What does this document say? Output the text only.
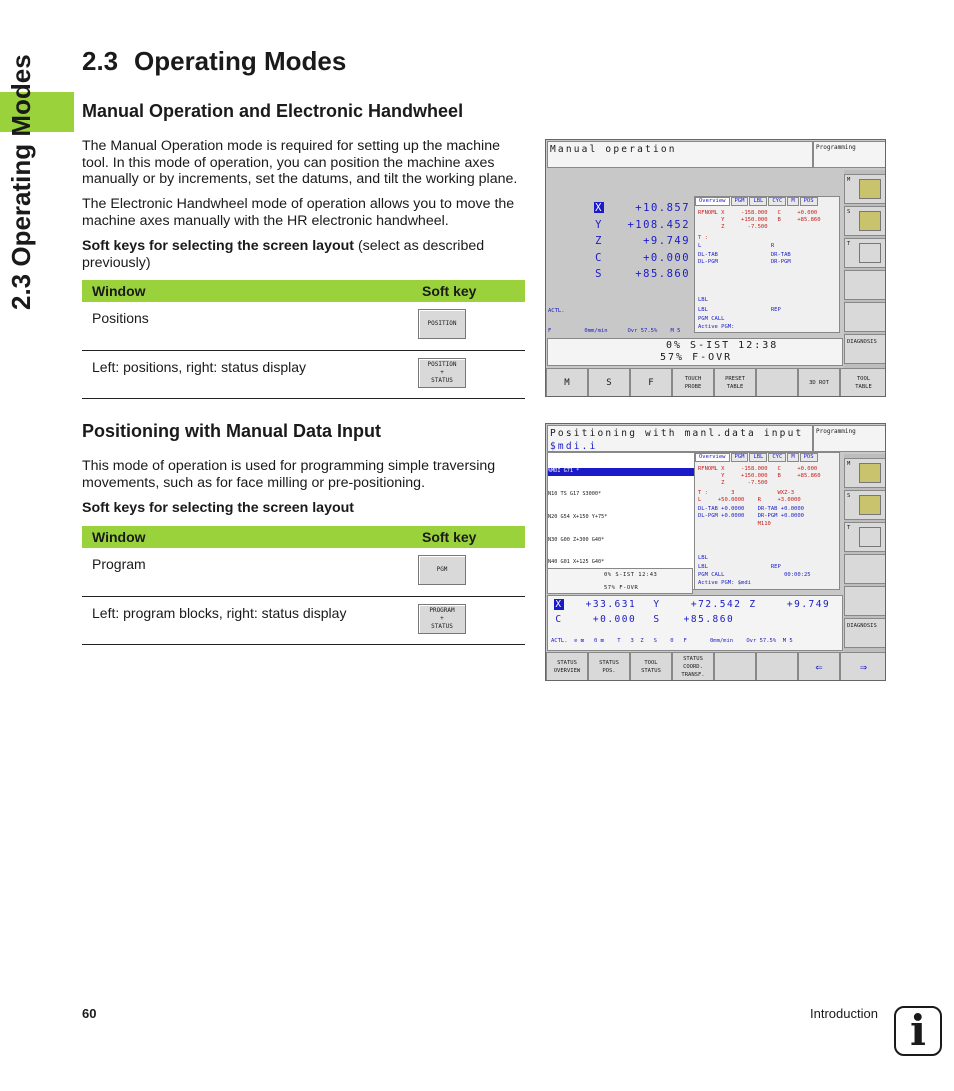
2.3 Operating Modes 2.3 Operating Modes
Manual Operation and Electronic Handwheel

The Manual Operation mode is required for setting up the machine tool. In this mode of operation, you can position the machine axes manually or by increments, set the datums, and tilt the working plane.

The Electronic Handwheel mode of operation allows you to move the machine axes manually with the HR electronic handwheel.

Soft keys for selecting the screen layout (select as described previously)

Window	Soft key
Positions	POSITION

Left: positions, right: status display	POSITION
+
STATUS
Positioning with Manual Data Input

This mode of operation is used for programming simple traversing movements, such as for face milling or pre-positioning.

Soft keys for selecting the screen layout

Window	Soft key
Program	PGM

Left: program blocks, right: status display	PROGRAM
+
STATUS
Manual operation	Programming
X	+10.857
Y +108.452
Z	+9.749
C	+0.000
S	+85.860
Overview PGM LBL CYC M POS
RFNOML X     -158.000   C     +0.000
Y     +150.000   B     +85.860
Z       -7.500
T :
L                     R
DL-TAB                DR-TAB
DL-PGM                DR-PGM
LBL
LBL                   REP
PGM CALL
Active PGM:
ACTL.
F          0mm/min      Ovr 57.5%    M 5

0% S-IST 12:38

57% F-OVR

M
S
T
DIAGNOSIS
M	S	F	TOUCH
PROBE
PRESET
TABLE
3D ROT
TOOL
TABLE
Positioning with manl.data input
$mdi.i
Programming

%MDI G71 *

N10 TS G17 S3000*

N20 G54 X+150 Y+75*

N30 G00 Z+300 G40*

N40 G01 X+125 G40*

Overview PGM LBL CYC M POS
RFNOML X     -158.000   C     +0.000
Y     +150.000   B     +85.860
Z       -7.500
T :       3             WXZ-3
L     +50.0000    R     +3.0000
DL-TAB +0.0000    DR-TAB +0.0000
DL-PGM +0.0000    DR-PGM +0.0000
M110
LBL
LBL                   REP
PGM CALL                  00:00:25
Active PGM: $mdi

0% S-IST 12:43

57% F-OVR

X +33.631

Y	+72.542

Z	+9.749

C	+0.000

S +85.860

ACTL.  ⊙ ⊠   0 ⊠    T   3  Z   S    0   F       0mm/min    Ovr 57.5%  M 5

M
S
T
DIAGNOSIS
STATUS
OVERVIEW
STATUS
POS.
TOOL
STATUS
STATUS
COORD.
TRANSF.
⇐	⇒
60	Introduction i
